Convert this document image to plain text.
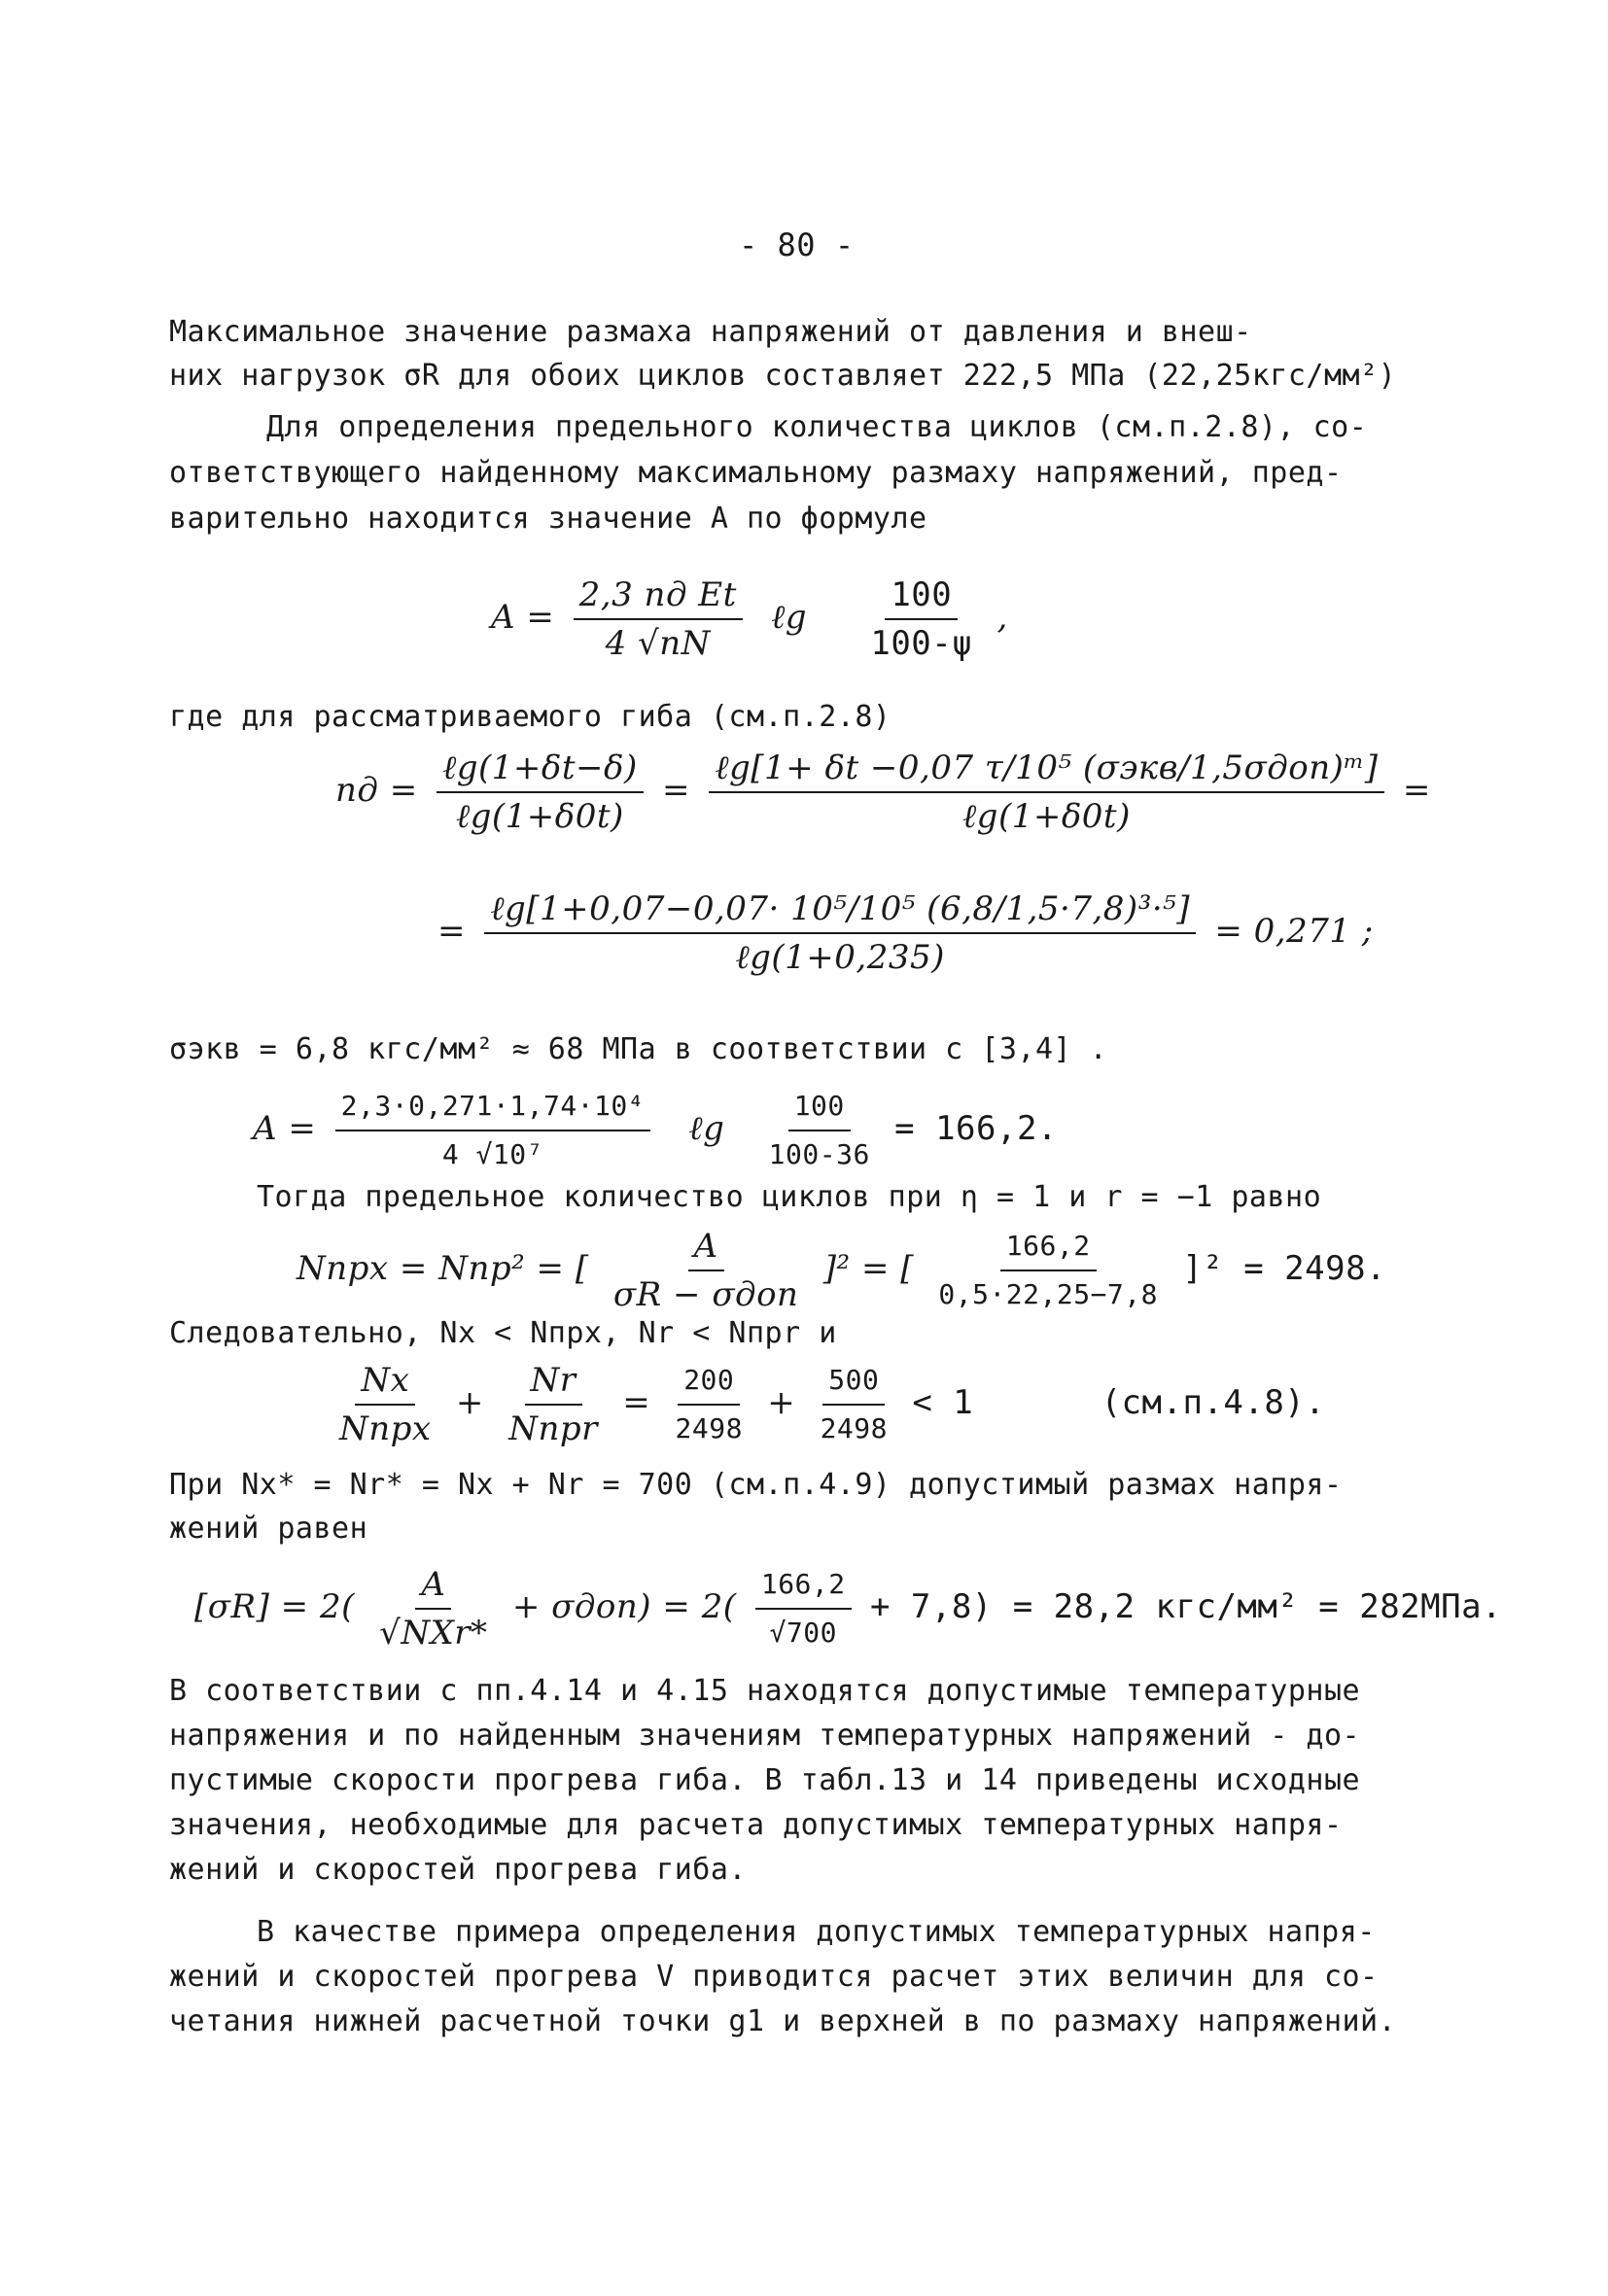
- 80 -
Максимальное значение размаха напряжений от давления и внеш-
них нагрузок σR для обоих циклов составляет 222,5 МПа (22,25кгс/мм²)
Для определения предельного количества циклов (см.п.2.8), со-
ответствующего найденному максимальному размаху напряжений, пред-
варительно находится значение A по формуле
$A = \frac{\text{2,3 nд Et}}{4 √nN}$ ℓg $\frac{100}{100-\psi}$ ,
где для рассматриваемого гиба (см.п.2.8)
nд = $\frac{\text{ℓg(1+δt−δ)}}{\text{ℓg(1+δ0t)}} = \frac{\text{ℓg[1+ δt −0,07 τ/10⁵ (σэкв/1,5σдоп)ᵐ]}}{\text{ℓg(1+δ0t)}}$ =
= $\frac{\text{ℓg[1+0,07−0,07· 10⁵/10⁵ (6,8/1,5·7,8)³·⁵]}}{\text{ℓg(1+0,235)}} = 0,271$ ;
σэкв = 6,8 кгс/мм² ≈ 68 МПа в соответствии с [3,4] .
$A = \frac{\text{2,3·0,271·1,74·10⁴}}{\text{4 √10⁷}}$ ℓg $\frac{100}{100-36} = 166,2$.
Тогда предельное количество циклов при η = 1 и r = −1 равно
Nпрx = Nпр² = [ $\frac{A}{\text{σR − σдоп}} ]^2$ = [ $\frac{166,2}{0,5\cdot 22,25-7,8} ]^2 = 2498$.
Следовательно, Nx < Nпрx, Nr < Nпрr и
$\frac{Nx}{\text{Nпрx}} + \frac{Nr}{\text{Nпрr}} = \frac{200}{2498} + \frac{500}{2498} < 1$	(см.п.4.8).
При Nx* = Nr* = Nx + Nr = 700 (см.п.4.9) допустимый размах напря-
жений равен
$[\sigma R] = 2( \frac{A}{\text{√NXr*}} + \sigma доп) = 2( \frac{166,2}{√700} + 7,8) = 28,2$ кгс/мм² = 282МПа.
В соответствии с пп.4.14 и 4.15 находятся допустимые температурные
напряжения и по найденным значениям температурных напряжений - до-
пустимые скорости прогрева гиба. В табл.13 и 14 приведены исходные
значения, необходимые для расчета допустимых температурных напря-
жений и скоростей прогрева гиба.
В качестве примера определения допустимых температурных напря-
жений и скоростей прогрева V приводится расчет этих величин для со-
четания нижней расчетной точки g1 и верхней в по размаху напряжений.
